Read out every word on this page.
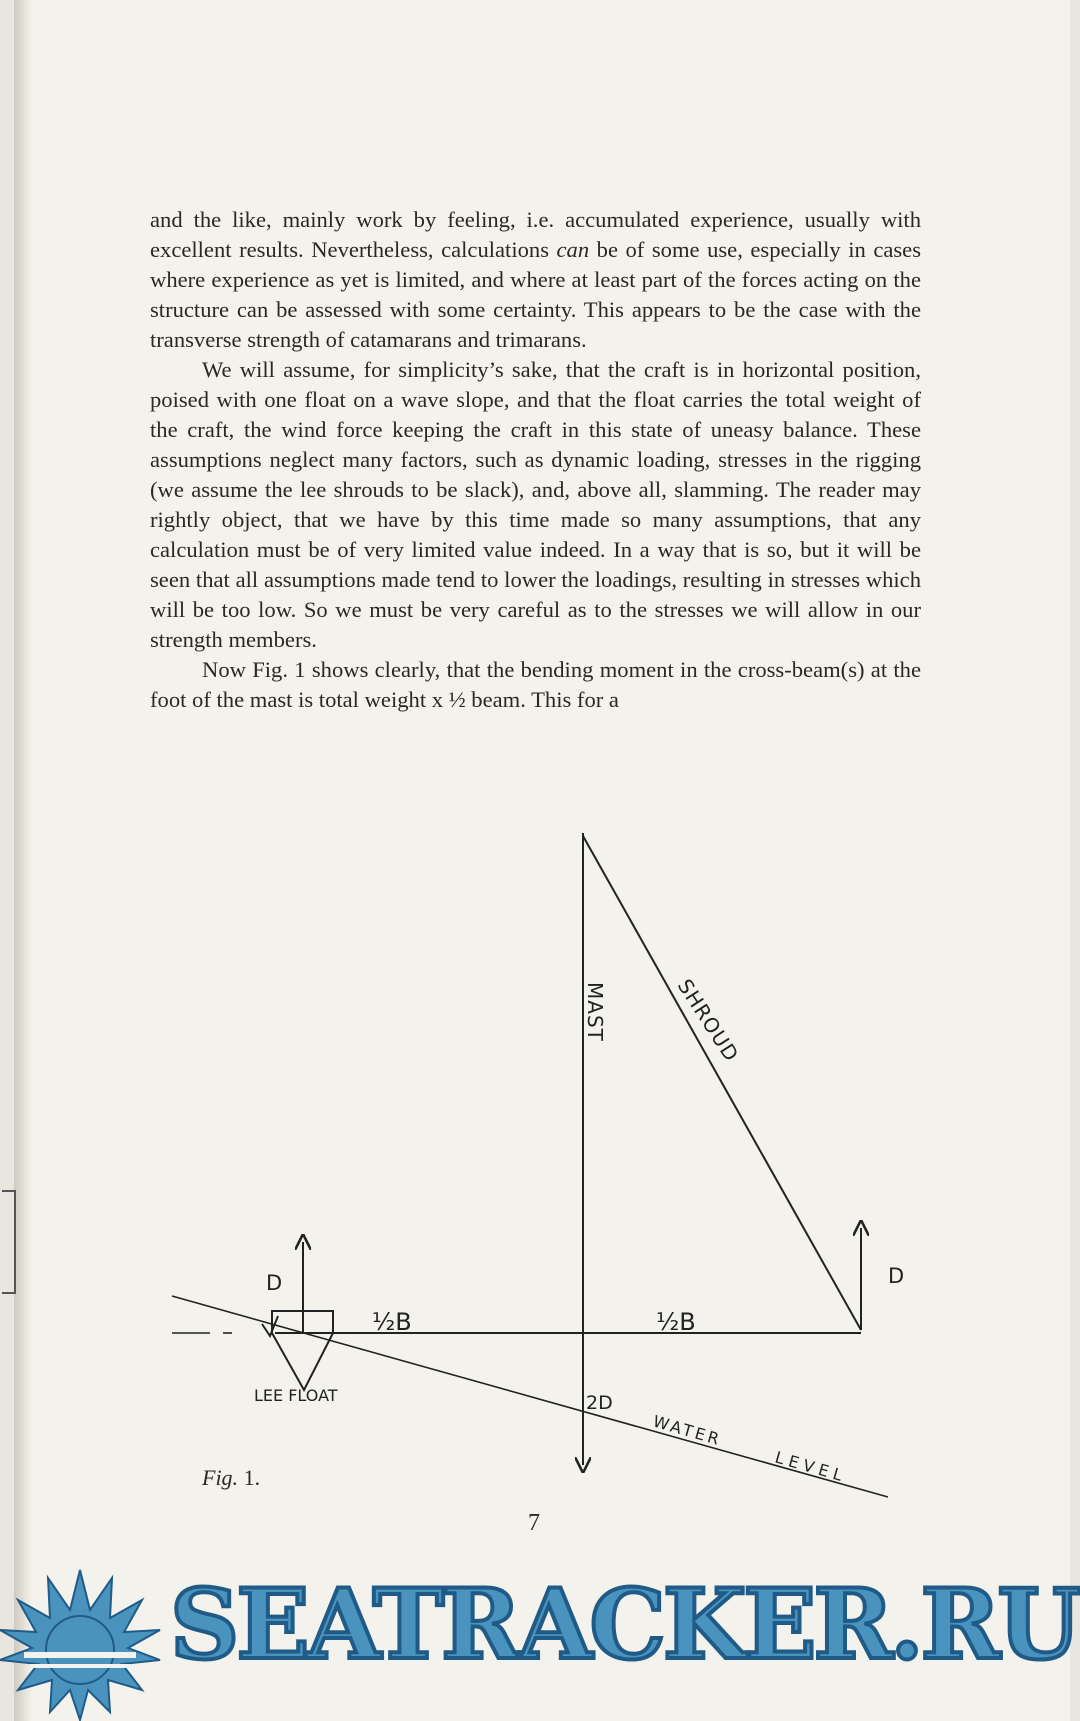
and the like, mainly work by feeling, i.e. accumulated experience, usually with excellent results. Nevertheless, calculations can be of some use, especially in cases where experience as yet is limited, and where at least part of the forces acting on the structure can be assessed with some certainty. This appears to be the case with the transverse strength of catamarans and trimarans.

We will assume, for simplicity’s sake, that the craft is in horizontal position, poised with one float on a wave slope, and that the float carries the total weight of the craft, the wind force keeping the craft in this state of uneasy balance. These assumptions neglect many factors, such as dynamic loading, stresses in the rigging (we assume the lee shrouds to be slack), and, above all, slamming. The reader may rightly object, that we have by this time made so many assumptions, that any calculation must be of very limited value indeed. In a way that is so, but it will be seen that all assumptions made tend to lower the loadings, resulting in stresses which will be too low. So we must be very careful as to the stresses we will allow in our strength members.

Now Fig. 1 shows clearly, that the bending moment in the cross-beam(s) at the foot of the mast is total weight x ½ beam. This for a

MAST	SHROUD
D	D
½B	½B
LEE FLOAT	2D
WATER
LEVEL
Fig. 1.
7
SEATRACKER.RU
